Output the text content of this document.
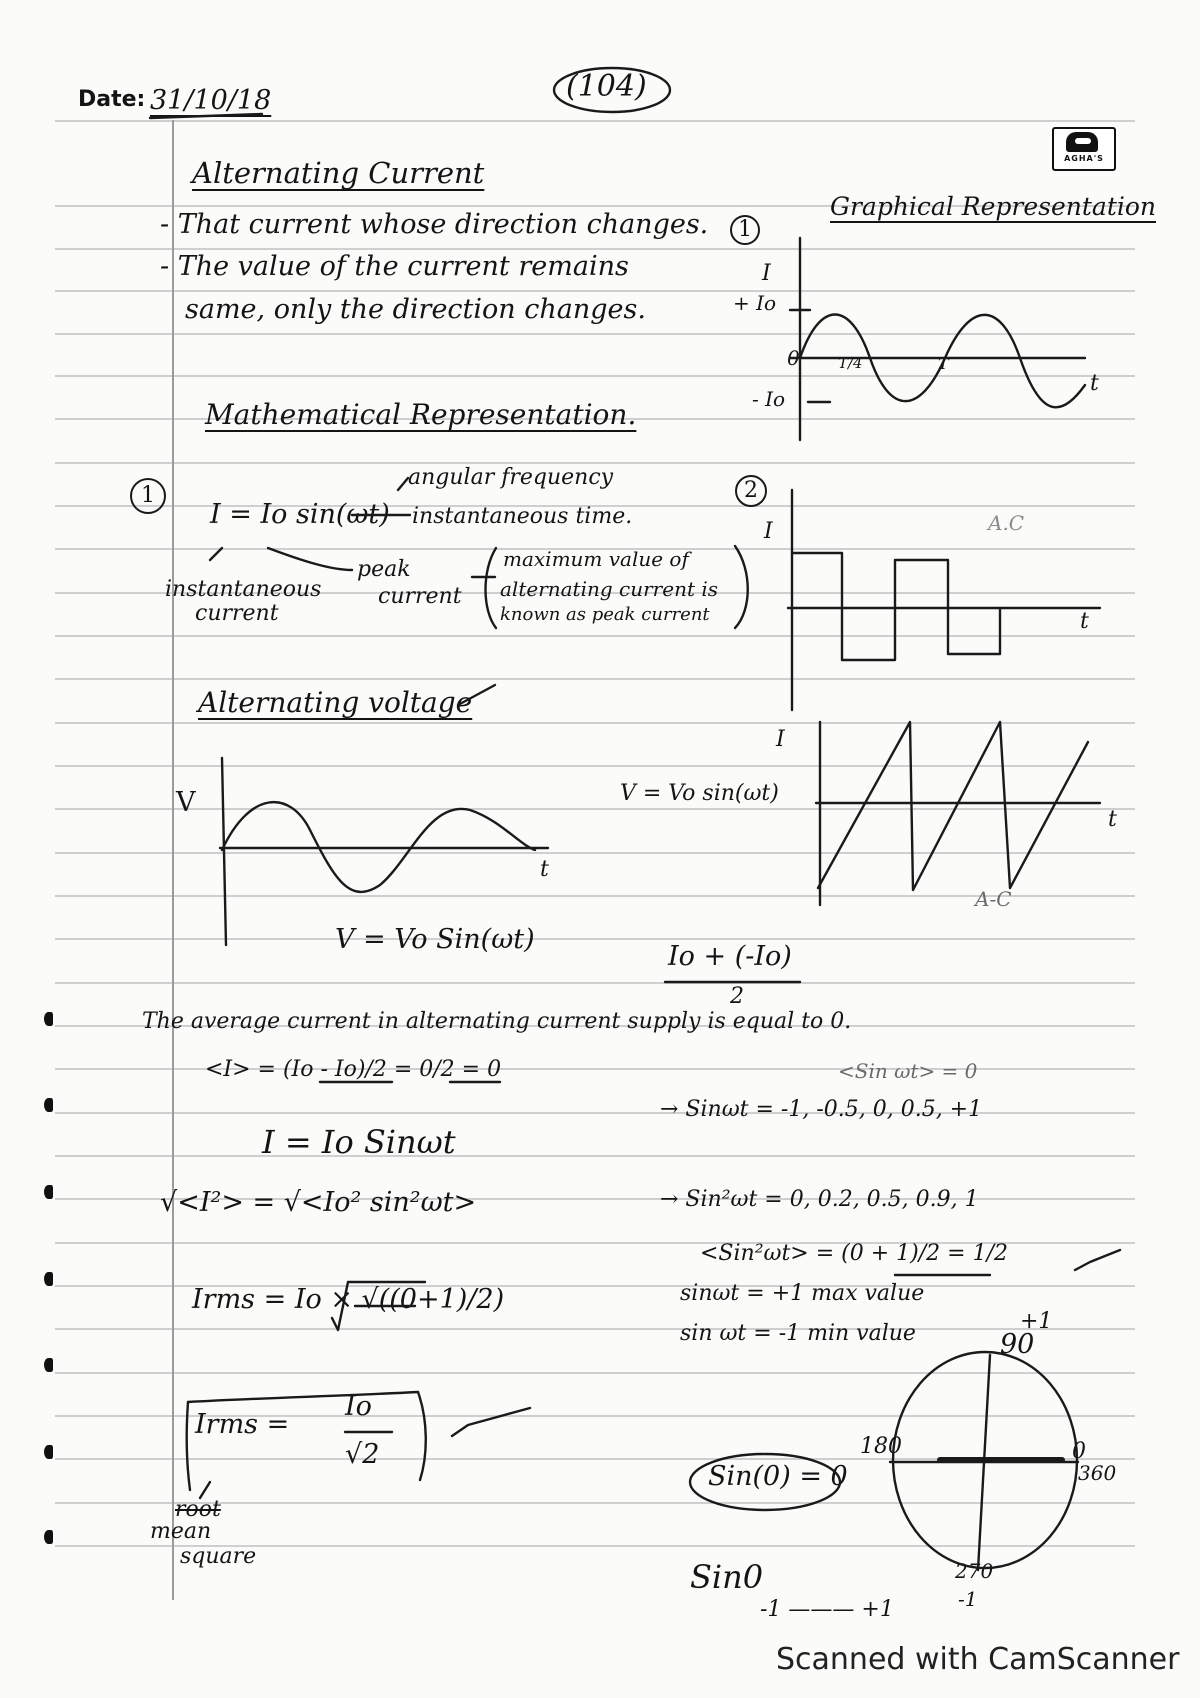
Date: 31/10/18	(104)
AGHA'S
Alternating Current
- That current whose direction changes.
- The value of the current remains
same, only the direction changes.
Graphical Representation
1
I
+ Io
0
- Io
T/4	T
t
2
I
t
A.C
I
t
A-C
Mathematical Representation.
1
angular frequency
I = Io sin(ωt) instantaneous time.
instantaneous
current
peak
current
maximum value of
alternating current is
known as peak current
Alternating voltage
V
t
V = Vo sin(ωt)
V = Vo Sin(ωt)
Io + (-Io)
2
The average current in alternating current supply is equal to 0.
<I> = (Io - Io)/2 = 0/2 = 0	<Sin ωt> = 0
→ Sinωt = -1, -0.5, 0, 0.5, +1
I = Io Sinωt
√<I²> = √<Io² sin²ωt>	→ Sin²ωt = 0, 0.2, 0.5, 0.9, 1
<Sin²ωt> = (0 + 1)/2 = 1/2
sinωt = +1 max value
sin ωt = -1 min value
Irms = Io × √((0+1)/2)
Irms =
Io
√2
root
mean
square
90
+1
180	0
360
270
-1
Sin(0) = 0
Sin0
-1 ——— +1
Scanned with CamScanner
